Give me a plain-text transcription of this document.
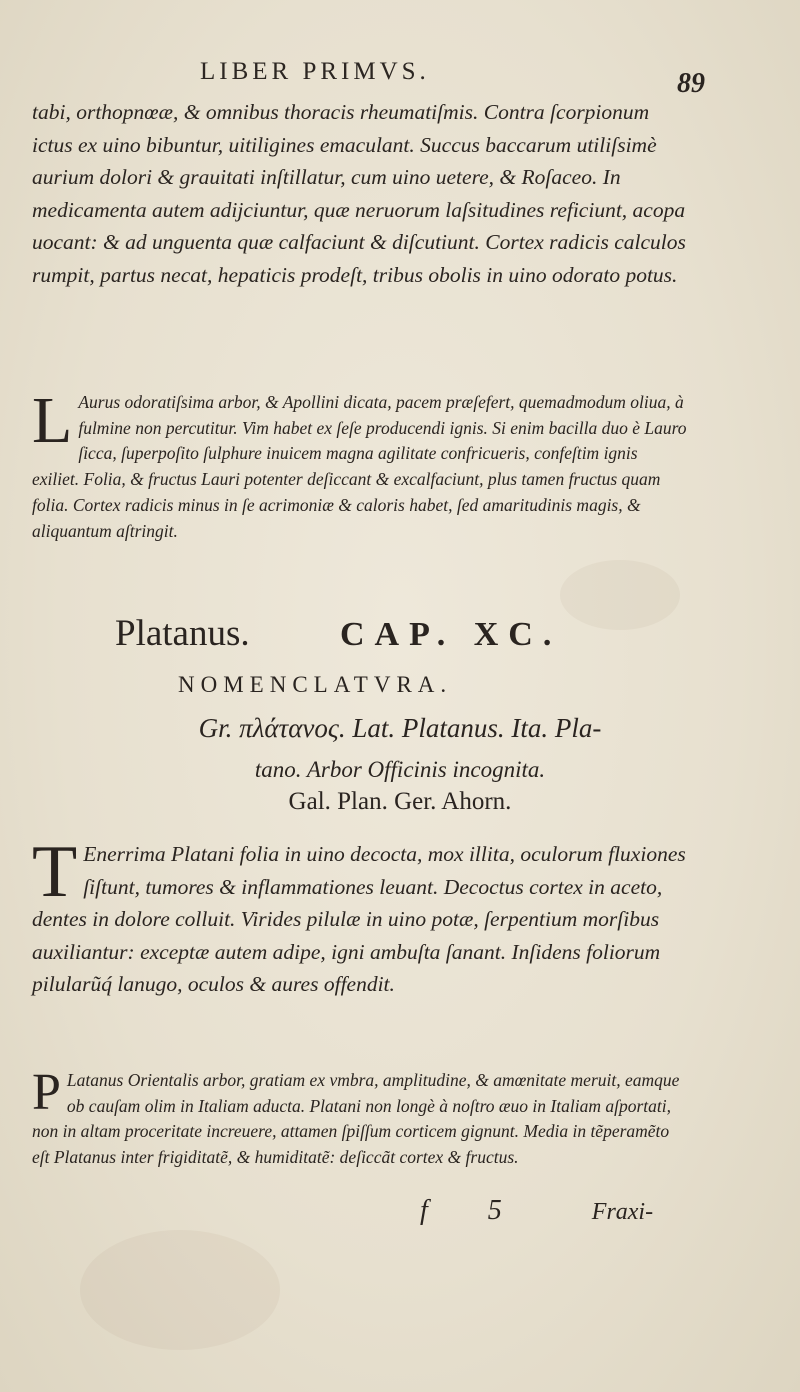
LIBER PRIMVS.	89

tabi, orthopnœæ, & omnibus thoracis rheumatiſmis. Contra ſcorpionum ictus ex uino bibuntur, uitiligines emaculant. Succus baccarum utiliſsimè aurium dolori & grauitati inſtillatur, cum uino uetere, & Roſaceo. In medicamenta autem adijciuntur, quæ neruorum laſsitudines reficiunt, acopa uocant: & ad unguenta quæ calfaciunt & diſcutiunt. Cortex radicis calculos rumpit, partus necat, hepaticis prodeſt, tribus obolis in uino odorato potus.

L Aurus odoratiſsima arbor, & Apollini dicata, pacem præſefert, quemadmodum oliua, à fulmine non percutitur. Vim habet ex ſeſe producendi ignis. Si enim bacilla duo è Lauro ſicca, ſuperpoſito ſulphure inuicem magna agilitate confricueris, confeſtim ignis exiliet. Folia, & fructus Lauri potenter deſiccant & excalfaciunt, plus tamen fructus quam folia. Cortex radicis minus in ſe acrimoniæ & caloris habet, ſed amaritudinis magis, & aliquantum aſtringit.

Platanus.	CAP. XC.
NOMENCLATVRA.
Gr. πλάτανος. Lat. Platanus. Ita. Pla-
tano. Arbor Officinis incognita.
Gal. Plan. Ger. Ahorn.

T Enerrima Platani folia in uino decocta, mox illita, oculorum fluxiones ſiſtunt, tumores & inflammationes leuant. Decoctus cortex in aceto, dentes in dolore colluit. Virides pilulæ in uino potæ, ſerpentium morſibus auxiliantur: exceptæ autem adipe, igni ambuſta ſanant. Inſidens foliorum pilularũq́ lanugo, oculos & aures offendit.

P Latanus Orientalis arbor, gratiam ex vmbra, amplitudine, & amœnitate meruit, eamque ob cauſam olim in Italiam aducta. Platani non longè à noſtro æuo in Italiam aſportati, non in altam proceritate increuere, attamen ſpiſſum corticem gignunt. Media in tẽperamẽto eſt Platanus inter frigiditatẽ, & humiditatẽ: deſiccãt cortex & fructus.

f 5	Fraxi-
